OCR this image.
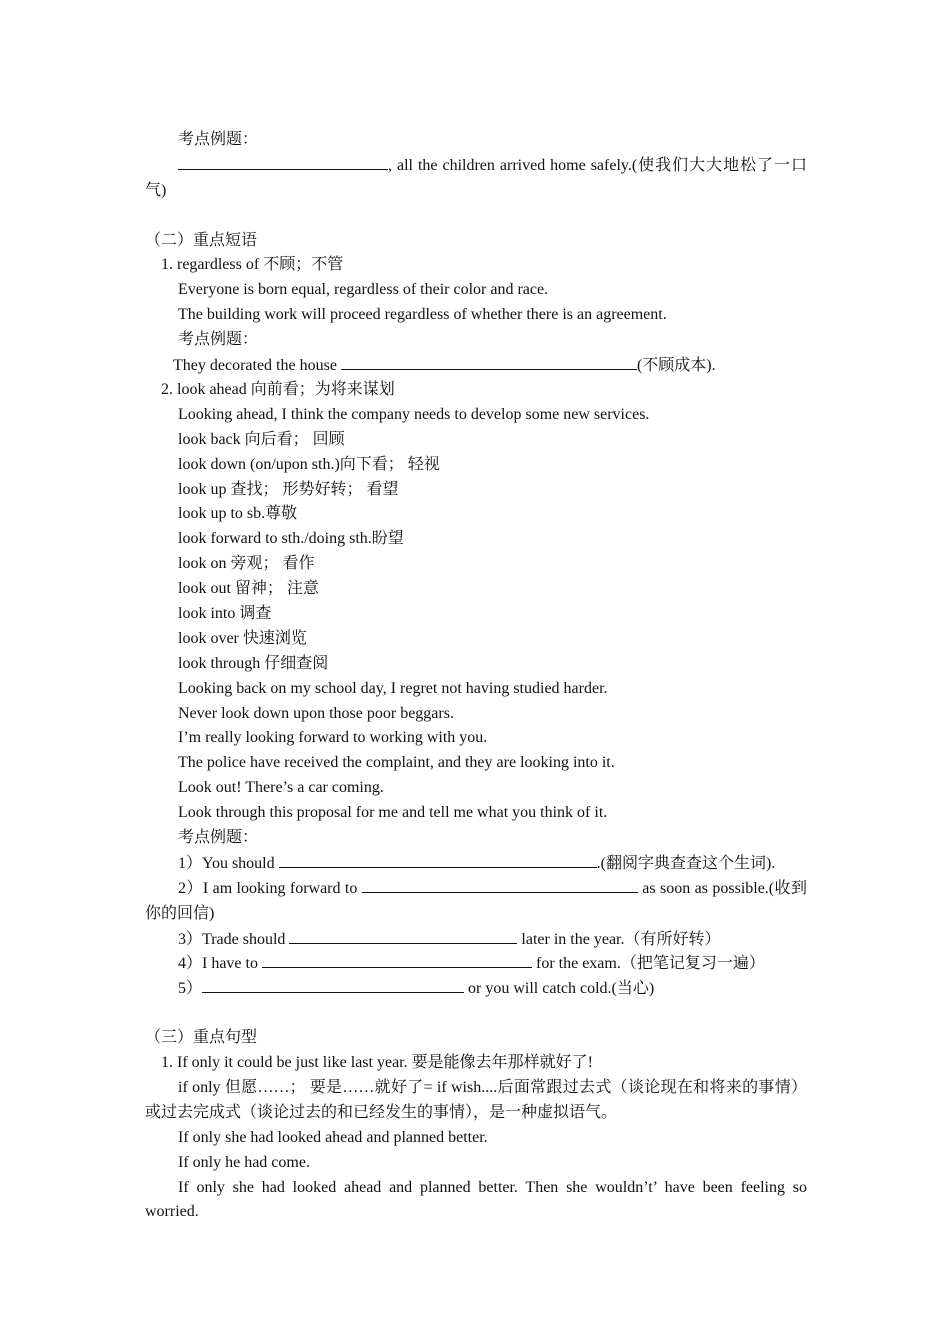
考点例题：
, all the children arrived home safely.(使我们大大地松了一口气)
（二）重点短语
1. regardless of 不顾；不管
Everyone is born equal, regardless of their color and race.
The building work will proceed regardless of whether there is an agreement.
考点例题：
They decorated the house	(不顾成本).
2. look ahead 向前看；为将来谋划
Looking ahead, I think the company needs to develop some new services.
look back 向后看； 回顾
look down (on/upon sth.)向下看； 轻视
look up 查找； 形势好转； 看望
look up to sb.尊敬
look forward to sth./doing sth.盼望
look on 旁观； 看作
look out 留神； 注意
look into 调查
look over 快速浏览
look through 仔细查阅
Looking back on my school day, I regret not having studied harder.
Never look down upon those poor beggars.
I’m really looking forward to working with you.
The police have received the complaint, and they are looking into it.
Look out! There’s a car coming.
Look through this proposal for me and tell me what you think of it.
考点例题：
1）You should	.(翻阅字典查查这个生词).
2）I am looking forward to	as soon as possible.(收到你的回信)
3）Trade should	later in the year.（有所好转）
4）I have to	for the exam.（把笔记复习一遍）
5）	or you will catch cold.(当心)
（三）重点句型
1. If only it could be just like last year. 要是能像去年那样就好了!
if only 但愿……； 要是……就好了= if wish....后面常跟过去式（谈论现在和将来的事情）或过去完成式（谈论过去的和已经发生的事情），是一种虚拟语气。
If only she had looked ahead and planned better.
If only he had come.
If only she had looked ahead and planned better. Then she wouldn’t’ have been feeling so worried.
